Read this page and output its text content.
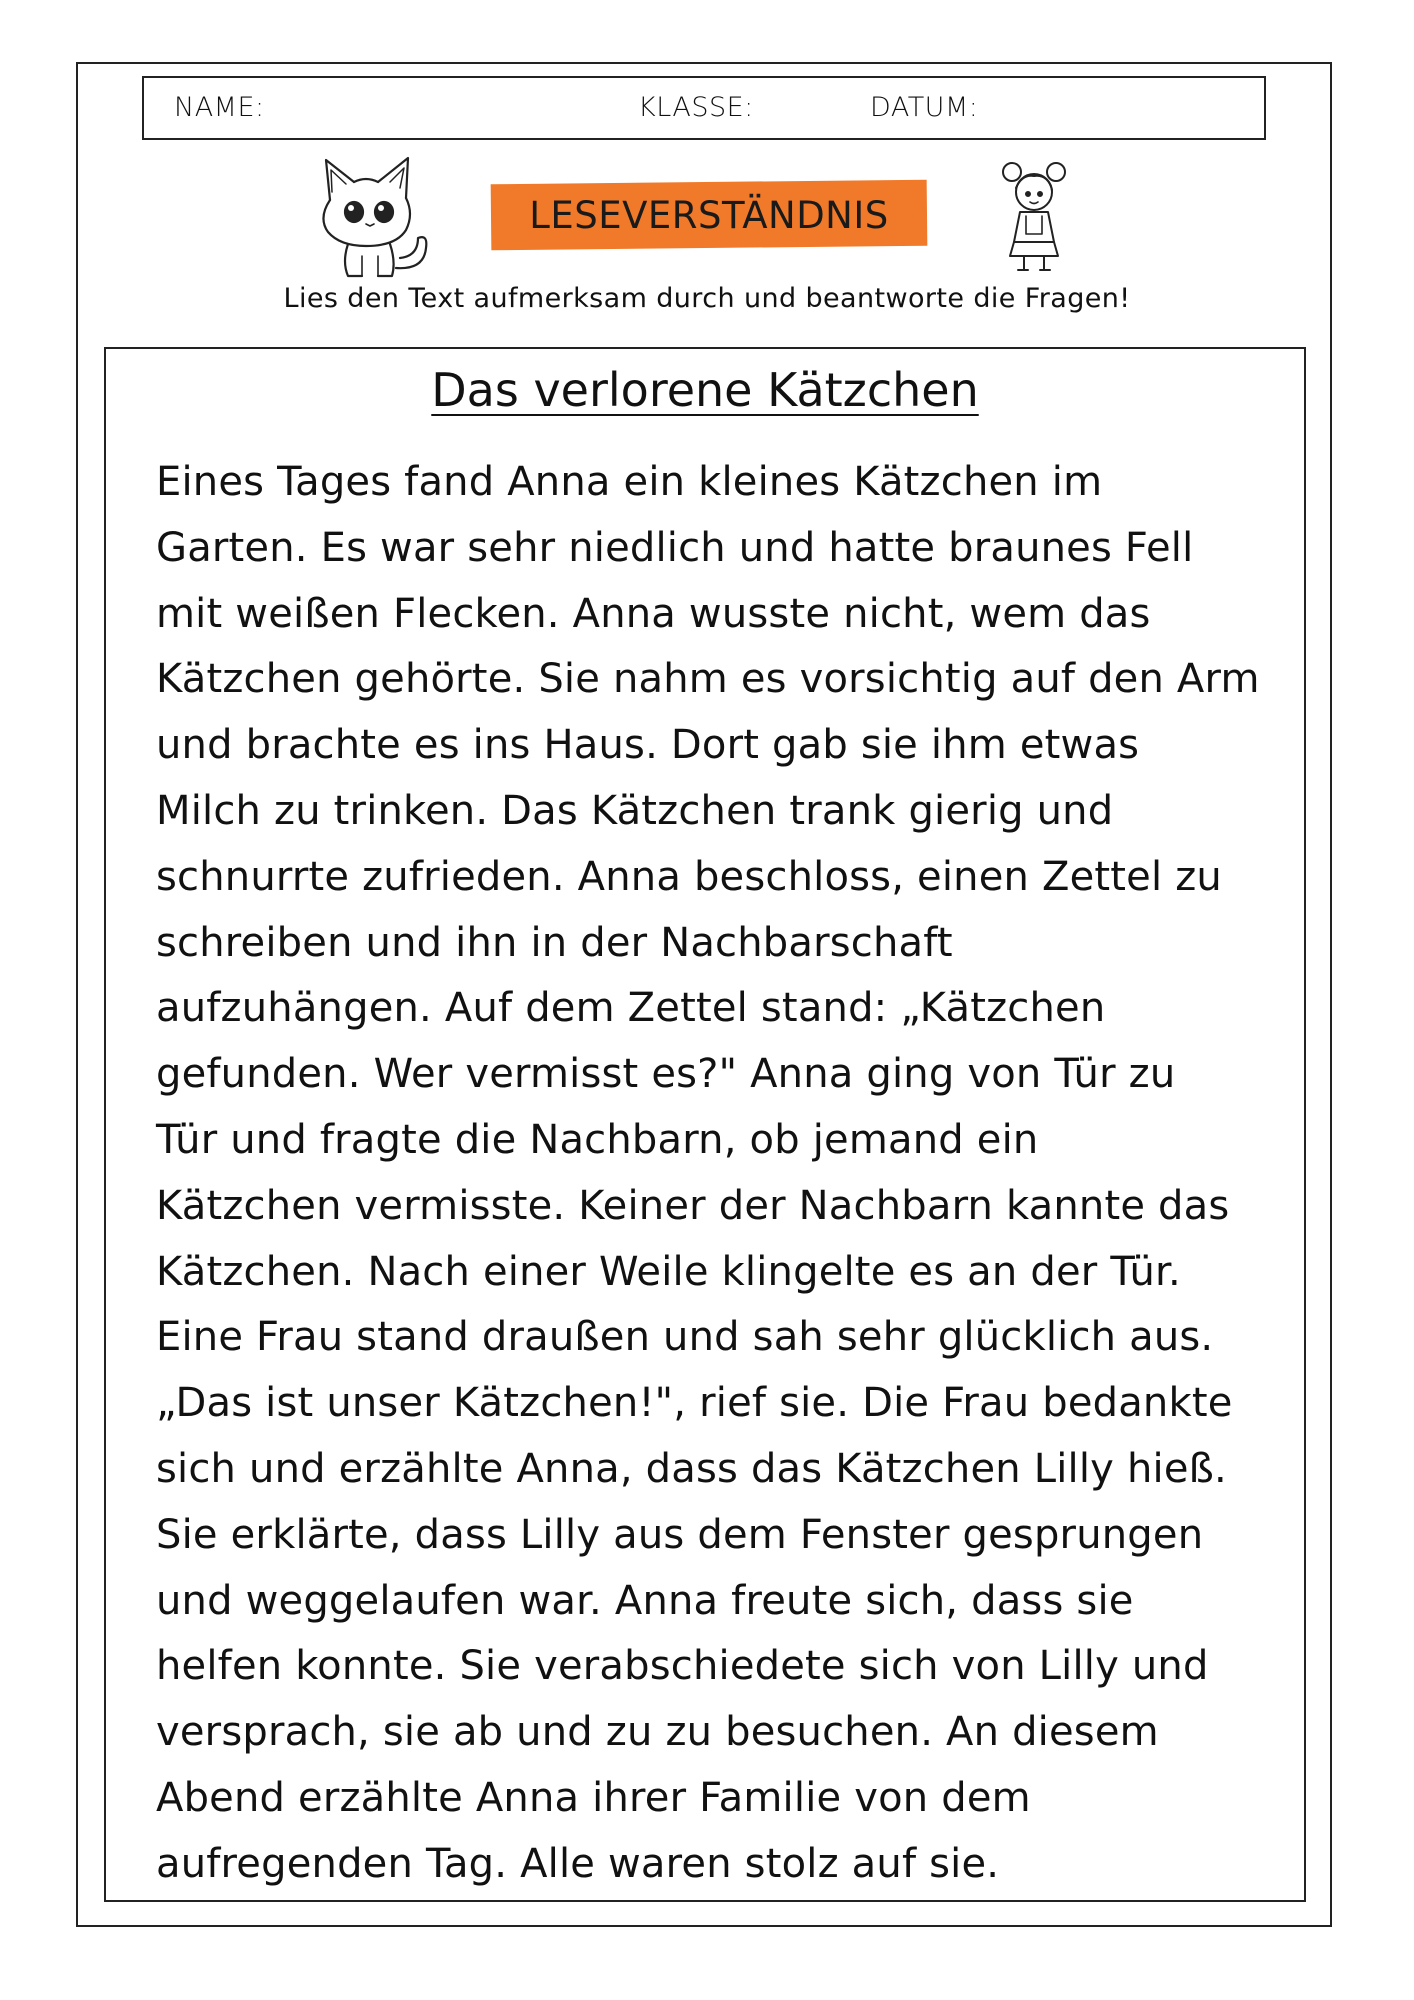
NAME:	KLASSE:	DATUM:
LESEVERSTÄNDNIS
Lies den Text aufmerksam durch und beantworte die Fragen!
Das verlorene Kätzchen
Eines Tages fand Anna ein kleines Kätzchen im
Garten. Es war sehr niedlich und hatte braunes Fell
mit weißen Flecken. Anna wusste nicht, wem das
Kätzchen gehörte. Sie nahm es vorsichtig auf den Arm
und brachte es ins Haus. Dort gab sie ihm etwas
Milch zu trinken. Das Kätzchen trank gierig und
schnurrte zufrieden. Anna beschloss, einen Zettel zu
schreiben und ihn in der Nachbarschaft
aufzuhängen. Auf dem Zettel stand: „Kätzchen
gefunden. Wer vermisst es?" Anna ging von Tür zu
Tür und fragte die Nachbarn, ob jemand ein
Kätzchen vermisste. Keiner der Nachbarn kannte das
Kätzchen. Nach einer Weile klingelte es an der Tür.
Eine Frau stand draußen und sah sehr glücklich aus.
„Das ist unser Kätzchen!", rief sie. Die Frau bedankte
sich und erzählte Anna, dass das Kätzchen Lilly hieß.
Sie erklärte, dass Lilly aus dem Fenster gesprungen
und weggelaufen war. Anna freute sich, dass sie
helfen konnte. Sie verabschiedete sich von Lilly und
versprach, sie ab und zu zu besuchen. An diesem
Abend erzählte Anna ihrer Familie von dem
aufregenden Tag. Alle waren stolz auf sie.
